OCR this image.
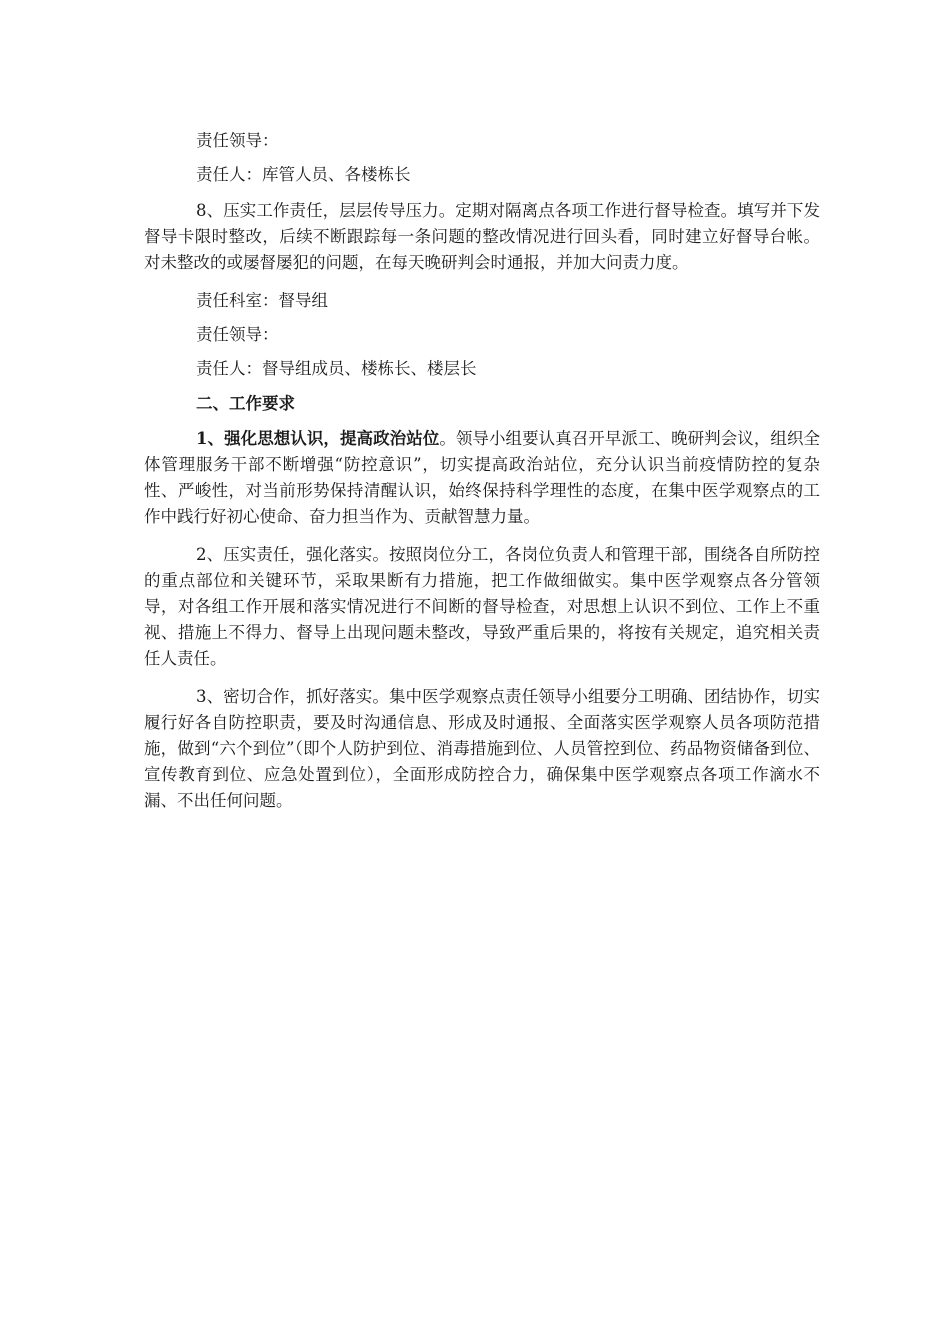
责任领导：
责任人：库管人员、各楼栋长
8、压实工作责任，层层传导压力。定期对隔离点各项工作进行督导检查。填写并下发督导卡限时整改，后续不断跟踪每一条问题的整改情况进行回头看，同时建立好督导台帐。对未整改的或屡督屡犯的问题，在每天晚研判会时通报，并加大问责力度。
责任科室：督导组
责任领导：
责任人：督导组成员、楼栋长、楼层长
二、工作要求
1、强化思想认识，提高政治站位。领导小组要认真召开早派工、晚研判会议，组织全体管理服务干部不断增强“防控意识”，切实提高政治站位，充分认识当前疫情防控的复杂性、严峻性，对当前形势保持清醒认识，始终保持科学理性的态度，在集中医学观察点的工作中践行好初心使命、奋力担当作为、贡献智慧力量。
2、压实责任，强化落实。按照岗位分工，各岗位负责人和管理干部，围绕各自所防控的重点部位和关键环节，采取果断有力措施，把工作做细做实。集中医学观察点各分管领导，对各组工作开展和落实情况进行不间断的督导检查，对思想上认识不到位、工作上不重视、措施上不得力、督导上出现问题未整改，导致严重后果的，将按有关规定，追究相关责任人责任。
3、密切合作，抓好落实。集中医学观察点责任领导小组要分工明确、团结协作，切实履行好各自防控职责，要及时沟通信息、形成及时通报、全面落实医学观察人员各项防范措施，做到“六个到位”（即个人防护到位、消毒措施到位、人员管控到位、药品物资储备到位、宣传教育到位、应急处置到位），全面形成防控合力，确保集中医学观察点各项工作滴水不漏、不出任何问题。
